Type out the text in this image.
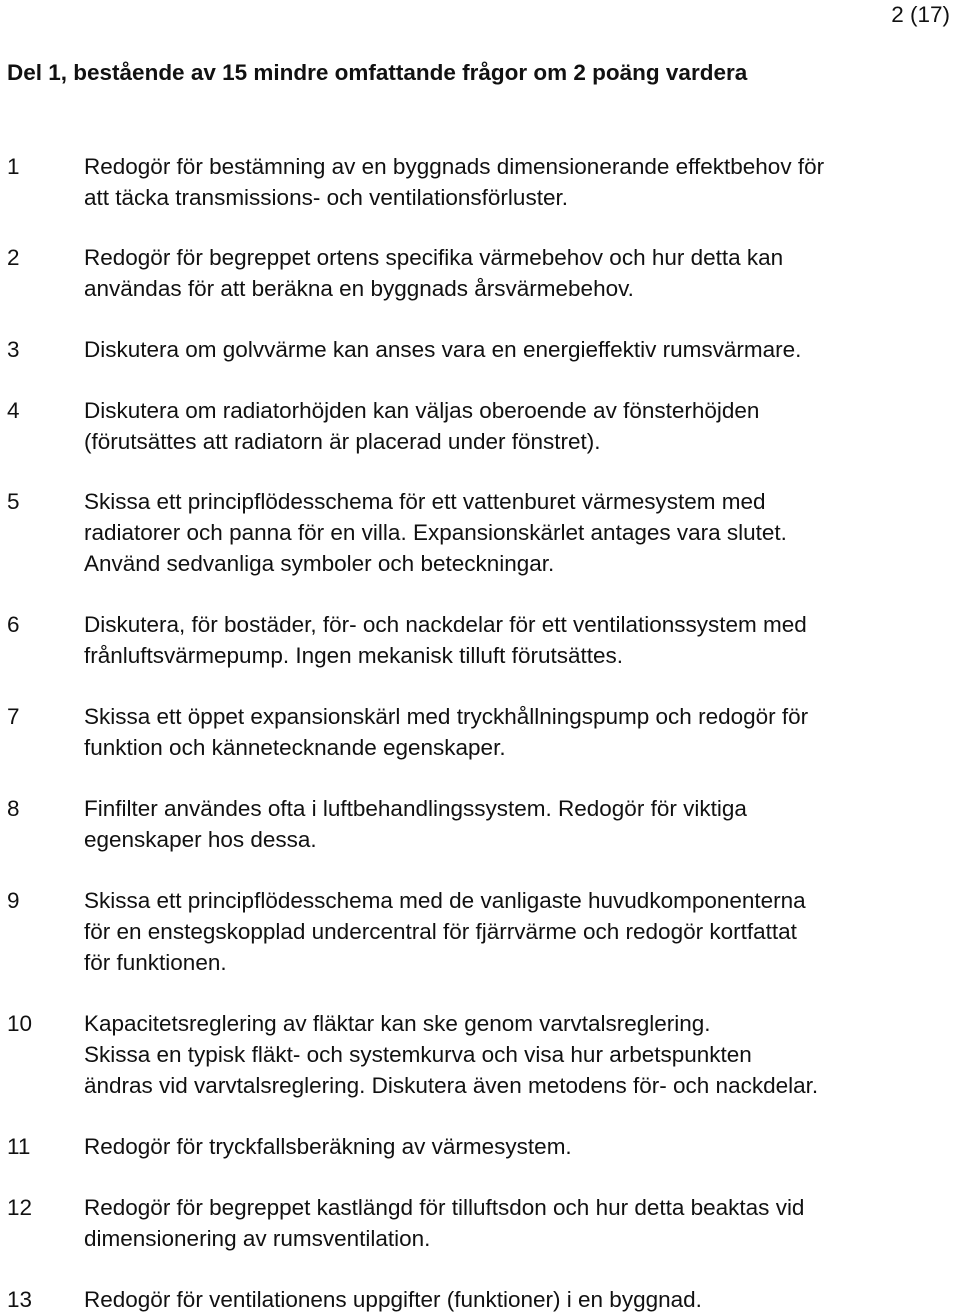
2 (17)
Del 1, bestående av 15 mindre omfattande frågor om 2 poäng vardera
1	Redogör för bestämning av en byggnads dimensionerande effektbehov för
att täcka transmissions- och ventilationsförluster.
2	Redogör för begreppet ortens specifika värmebehov och hur detta kan
användas för att beräkna en byggnads årsvärmebehov.
3	Diskutera om golvvärme kan anses vara en energieffektiv rumsvärmare.
4	Diskutera om radiatorhöjden kan väljas oberoende av fönsterhöjden
(förutsättes att radiatorn är placerad under fönstret).
5	Skissa ett principflödesschema för ett vattenburet värmesystem med
radiatorer och panna för en villa. Expansionskärlet antages vara slutet.
Använd sedvanliga symboler och beteckningar.
6	Diskutera, för bostäder, för- och nackdelar för ett ventilationssystem med
frånluftsvärmepump. Ingen mekanisk tilluft förutsättes.
7	Skissa ett öppet expansionskärl med tryckhållningspump och redogör för
funktion och kännetecknande egenskaper.
8	Finfilter användes ofta i luftbehandlingssystem. Redogör för viktiga
egenskaper hos dessa.
9	Skissa ett principflödesschema med de vanligaste huvudkomponenterna
för en enstegskopplad undercentral för fjärrvärme och redogör kortfattat
för funktionen.
10 Kapacitetsreglering av fläktar kan ske genom varvtalsreglering.
Skissa en typisk fläkt- och systemkurva och visa hur arbetspunkten
ändras vid varvtalsreglering. Diskutera även metodens för- och nackdelar.
11 Redogör för tryckfallsberäkning av värmesystem.
12 Redogör för begreppet kastlängd för tilluftsdon och hur detta beaktas vid
dimensionering av rumsventilation.
13 Redogör för ventilationens uppgifter (funktioner) i en byggnad.
